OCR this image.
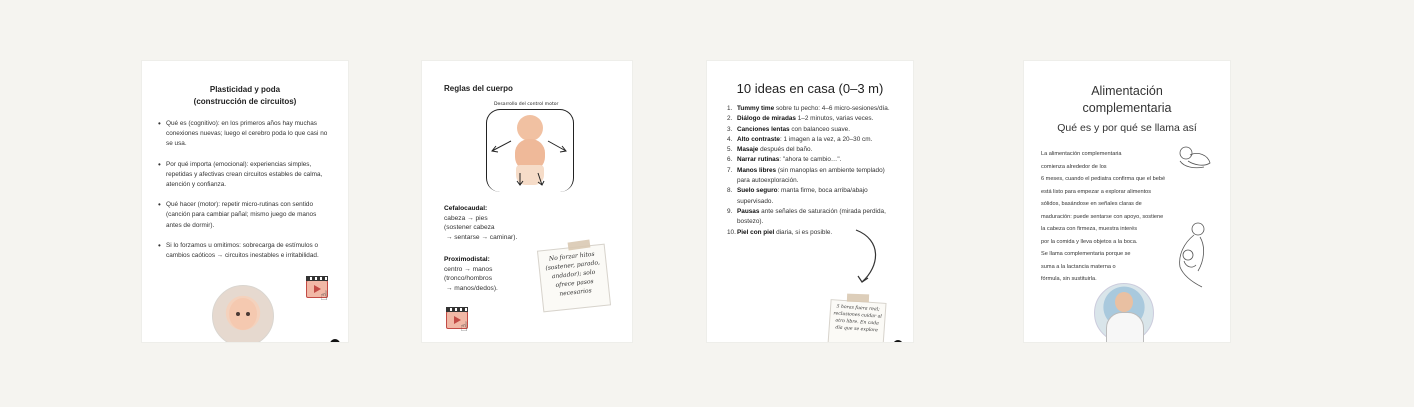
Plasticidad y poda
(construcción de circuitos)
• Qué es (cognitivo): en los primeros años hay muchas conexiones nuevas; luego el cerebro poda lo que casi no se usa.
• Por qué importa (emocional): experiencias simples, repetidas y afectivas crean circuitos estables de calma, atención y confianza.
• Qué hacer (motor): repetir micro-rutinas con sentido (canción para cambiar pañal; mismo juego de manos antes de dormir).
• Si lo forzamos u omitimos: sobrecarga de estímulos o cambios caóticos → circuitos inestables e irritabilidad.
☝
Reglas del cuerpo
Desarrollo del control motor
Cefalocaudal:
cabeza → pies
(sostener cabeza
→ sentarse → caminar).
Proximodistal:
centro → manos
(tronco/hombros
→ manos/dedos).
No forzar hitos (sostener, parado, andador); solo ofrece pasos necesarios
☝
10 ideas en casa (0–3 m)
1. Tummy time sobre tu pecho: 4–6 micro-sesiones/día.
2. Diálogo de miradas 1–2 minutos, varias veces.
3. Canciones lentas con balanceo suave.
4. Alto contraste: 1 imagen a la vez, a 20–30 cm.
5. Masaje después del baño.
6. Narrar rutinas: "ahora te cambio…".
7. Manos libres (sin manoplas en ambiente templado) para autoexploración.
8. Suelo seguro: manta firme, boca arriba/abajo supervisado.
9. Pausas ante señales de saturación (mirada perdida, bostezo).
10. Piel con piel diaria, si es posible.
5 horas fuera real; reclusiones cuidar al otro libre. En cada día que se explore
Alimentación
complementaria
Qué es y por qué se llama así
La alimentación complementaria
comienza alrededor de los
6 meses, cuando el pediatra confirma que el bebé
está listo para empezar a explorar alimentos
sólidos, basándose en señales claras de
maduración: puede sentarse con apoyo, sostiene
la cabeza con firmeza, muestra interés
por la comida y lleva objetos a la boca.
Se llama complementaria porque se
suma a la lactancia materna o
fórmula, sin sustituirla.
